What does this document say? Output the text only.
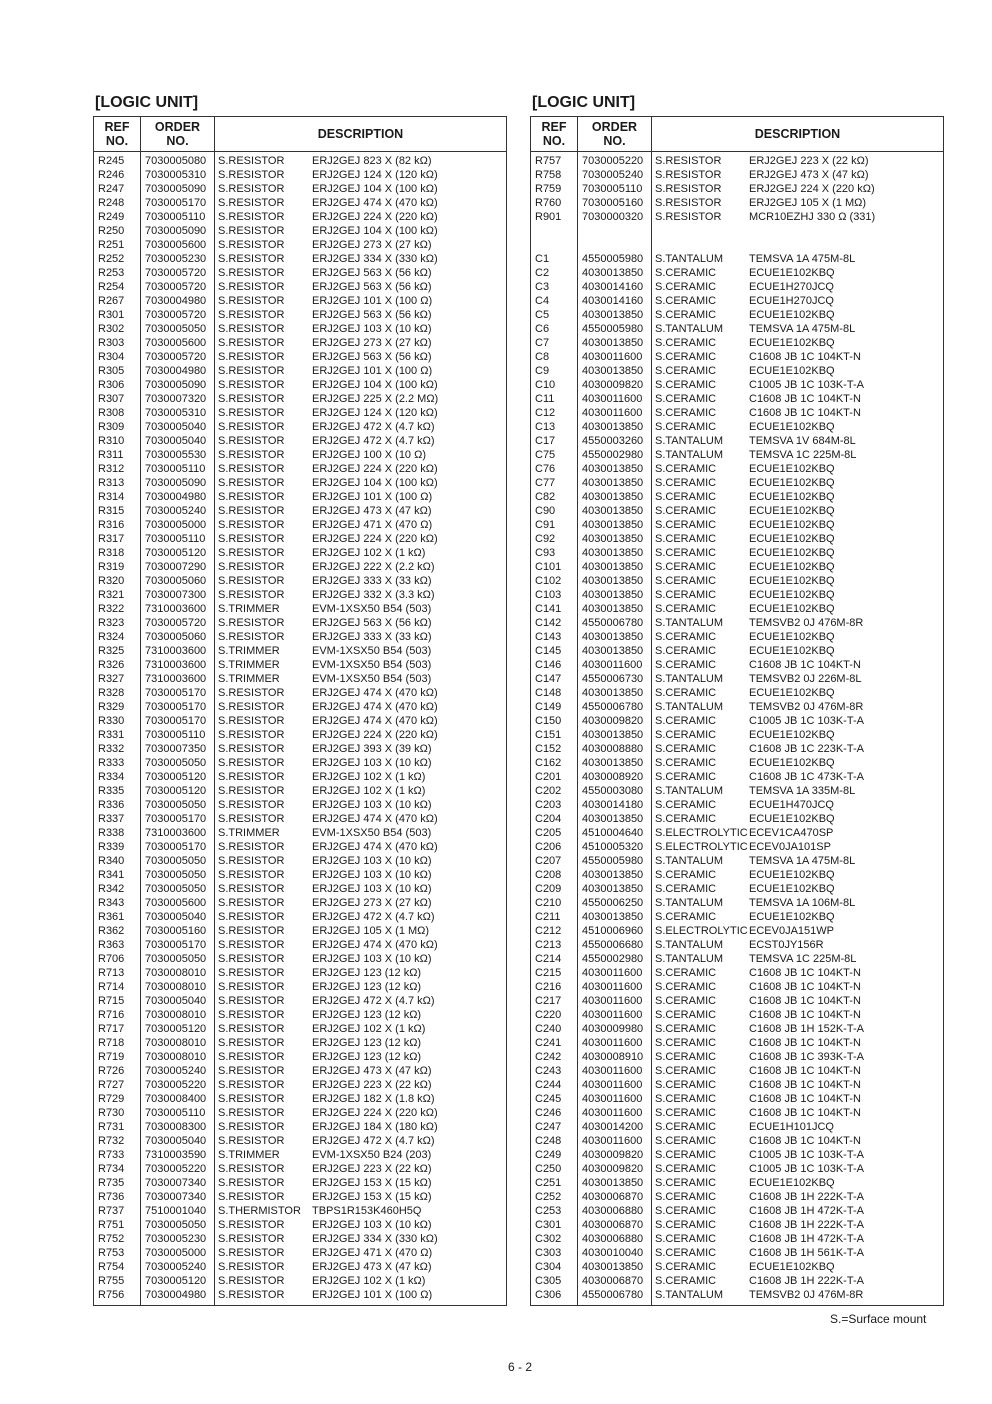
[LOGIC UNIT]
REF
NO.
ORDER
NO.	DESCRIPTION
R245 7030005080 S.RESISTOR	ERJ2GEJ 823 X (82 kΩ)
R246 7030005310 S.RESISTOR	ERJ2GEJ 124 X (120 kΩ)
R247 7030005090 S.RESISTOR	ERJ2GEJ 104 X (100 kΩ)
R248 7030005170 S.RESISTOR	ERJ2GEJ 474 X (470 kΩ)
R249 7030005110 S.RESISTOR	ERJ2GEJ 224 X (220 kΩ)
R250 7030005090 S.RESISTOR	ERJ2GEJ 104 X (100 kΩ)
R251 7030005600 S.RESISTOR	ERJ2GEJ 273 X (27 kΩ)
R252 7030005230 S.RESISTOR	ERJ2GEJ 334 X (330 kΩ)
R253 7030005720 S.RESISTOR	ERJ2GEJ 563 X (56 kΩ)
R254 7030005720 S.RESISTOR	ERJ2GEJ 563 X (56 kΩ)
R267 7030004980 S.RESISTOR	ERJ2GEJ 101 X (100 Ω)
R301 7030005720 S.RESISTOR	ERJ2GEJ 563 X (56 kΩ)
R302 7030005050 S.RESISTOR	ERJ2GEJ 103 X (10 kΩ)
R303 7030005600 S.RESISTOR	ERJ2GEJ 273 X (27 kΩ)
R304 7030005720 S.RESISTOR	ERJ2GEJ 563 X (56 kΩ)
R305 7030004980 S.RESISTOR	ERJ2GEJ 101 X (100 Ω)
R306 7030005090 S.RESISTOR	ERJ2GEJ 104 X (100 kΩ)
R307 7030007320 S.RESISTOR	ERJ2GEJ 225 X (2.2 MΩ)
R308 7030005310 S.RESISTOR	ERJ2GEJ 124 X (120 kΩ)
R309 7030005040 S.RESISTOR	ERJ2GEJ 472 X (4.7 kΩ)
R310 7030005040 S.RESISTOR	ERJ2GEJ 472 X (4.7 kΩ)
R311 7030005530 S.RESISTOR	ERJ2GEJ 100 X (10 Ω)
R312 7030005110 S.RESISTOR	ERJ2GEJ 224 X (220 kΩ)
R313 7030005090 S.RESISTOR	ERJ2GEJ 104 X (100 kΩ)
R314 7030004980 S.RESISTOR	ERJ2GEJ 101 X (100 Ω)
R315 7030005240 S.RESISTOR	ERJ2GEJ 473 X (47 kΩ)
R316 7030005000 S.RESISTOR	ERJ2GEJ 471 X (470 Ω)
R317 7030005110 S.RESISTOR	ERJ2GEJ 224 X (220 kΩ)
R318 7030005120 S.RESISTOR	ERJ2GEJ 102 X (1 kΩ)
R319 7030007290 S.RESISTOR	ERJ2GEJ 222 X (2.2 kΩ)
R320 7030005060 S.RESISTOR	ERJ2GEJ 333 X (33 kΩ)
R321 7030007300 S.RESISTOR	ERJ2GEJ 332 X (3.3 kΩ)
R322 7310003600 S.TRIMMER	EVM-1XSX50 B54 (503)
R323 7030005720 S.RESISTOR	ERJ2GEJ 563 X (56 kΩ)
R324 7030005060 S.RESISTOR	ERJ2GEJ 333 X (33 kΩ)
R325 7310003600 S.TRIMMER	EVM-1XSX50 B54 (503)
R326 7310003600 S.TRIMMER	EVM-1XSX50 B54 (503)
R327 7310003600 S.TRIMMER	EVM-1XSX50 B54 (503)
R328 7030005170 S.RESISTOR	ERJ2GEJ 474 X (470 kΩ)
R329 7030005170 S.RESISTOR	ERJ2GEJ 474 X (470 kΩ)
R330 7030005170 S.RESISTOR	ERJ2GEJ 474 X (470 kΩ)
R331 7030005110 S.RESISTOR	ERJ2GEJ 224 X (220 kΩ)
R332 7030007350 S.RESISTOR	ERJ2GEJ 393 X (39 kΩ)
R333 7030005050 S.RESISTOR	ERJ2GEJ 103 X (10 kΩ)
R334 7030005120 S.RESISTOR	ERJ2GEJ 102 X (1 kΩ)
R335 7030005120 S.RESISTOR	ERJ2GEJ 102 X (1 kΩ)
R336 7030005050 S.RESISTOR	ERJ2GEJ 103 X (10 kΩ)
R337 7030005170 S.RESISTOR	ERJ2GEJ 474 X (470 kΩ)
R338 7310003600 S.TRIMMER	EVM-1XSX50 B54 (503)
R339 7030005170 S.RESISTOR	ERJ2GEJ 474 X (470 kΩ)
R340 7030005050 S.RESISTOR	ERJ2GEJ 103 X (10 kΩ)
R341 7030005050 S.RESISTOR	ERJ2GEJ 103 X (10 kΩ)
R342 7030005050 S.RESISTOR	ERJ2GEJ 103 X (10 kΩ)
R343 7030005600 S.RESISTOR	ERJ2GEJ 273 X (27 kΩ)
R361 7030005040 S.RESISTOR	ERJ2GEJ 472 X (4.7 kΩ)
R362 7030005160 S.RESISTOR	ERJ2GEJ 105 X (1 MΩ)
R363 7030005170 S.RESISTOR	ERJ2GEJ 474 X (470 kΩ)
R706 7030005050 S.RESISTOR	ERJ2GEJ 103 X (10 kΩ)
R713 7030008010 S.RESISTOR	ERJ2GEJ 123 (12 kΩ)
R714 7030008010 S.RESISTOR	ERJ2GEJ 123 (12 kΩ)
R715 7030005040 S.RESISTOR	ERJ2GEJ 472 X (4.7 kΩ)
R716 7030008010 S.RESISTOR	ERJ2GEJ 123 (12 kΩ)
R717 7030005120 S.RESISTOR	ERJ2GEJ 102 X (1 kΩ)
R718 7030008010 S.RESISTOR	ERJ2GEJ 123 (12 kΩ)
R719 7030008010 S.RESISTOR	ERJ2GEJ 123 (12 kΩ)
R726 7030005240 S.RESISTOR	ERJ2GEJ 473 X (47 kΩ)
R727 7030005220 S.RESISTOR	ERJ2GEJ 223 X (22 kΩ)
R729 7030008400 S.RESISTOR	ERJ2GEJ 182 X (1.8 kΩ)
R730 7030005110 S.RESISTOR	ERJ2GEJ 224 X (220 kΩ)
R731 7030008300 S.RESISTOR	ERJ2GEJ 184 X (180 kΩ)
R732 7030005040 S.RESISTOR	ERJ2GEJ 472 X (4.7 kΩ)
R733 7310003590 S.TRIMMER	EVM-1XSX50 B24 (203)
R734 7030005220 S.RESISTOR	ERJ2GEJ 223 X (22 kΩ)
R735 7030007340 S.RESISTOR	ERJ2GEJ 153 X (15 kΩ)
R736 7030007340 S.RESISTOR	ERJ2GEJ 153 X (15 kΩ)
R737 7510001040 S.THERMISTOR TBPS1R153K460H5Q
R751 7030005050 S.RESISTOR	ERJ2GEJ 103 X (10 kΩ)
R752 7030005230 S.RESISTOR	ERJ2GEJ 334 X (330 kΩ)
R753 7030005000 S.RESISTOR	ERJ2GEJ 471 X (470 Ω)
R754 7030005240 S.RESISTOR	ERJ2GEJ 473 X (47 kΩ)
R755 7030005120 S.RESISTOR	ERJ2GEJ 102 X (1 kΩ)
R756 7030004980 S.RESISTOR	ERJ2GEJ 101 X (100 Ω)
[LOGIC UNIT]
REF
NO.
ORDER
NO.	DESCRIPTION
R757 7030005220 S.RESISTOR	ERJ2GEJ 223 X (22 kΩ)
R758 7030005240 S.RESISTOR	ERJ2GEJ 473 X (47 kΩ)
R759 7030005110 S.RESISTOR	ERJ2GEJ 224 X (220 kΩ)
R760 7030005160 S.RESISTOR	ERJ2GEJ 105 X (1 MΩ)
R901 7030000320 S.RESISTOR	MCR10EZHJ 330 Ω (331)
C1	4550005980 S.TANTALUM TEMSVA 1A 475M-8L
C2	4030013850 S.CERAMIC	ECUE1E102KBQ
C3	4030014160 S.CERAMIC	ECUE1H270JCQ
C4	4030014160 S.CERAMIC	ECUE1H270JCQ
C5	4030013850 S.CERAMIC	ECUE1E102KBQ
C6	4550005980 S.TANTALUM TEMSVA 1A 475M-8L
C7	4030013850 S.CERAMIC	ECUE1E102KBQ
C8	4030011600 S.CERAMIC	C1608 JB 1C 104KT-N
C9	4030013850 S.CERAMIC	ECUE1E102KBQ
C10 4030009820 S.CERAMIC	C1005 JB 1C 103K-T-A
C11	4030011600 S.CERAMIC	C1608 JB 1C 104KT-N
C12 4030011600 S.CERAMIC	C1608 JB 1C 104KT-N
C13 4030013850 S.CERAMIC	ECUE1E102KBQ
C17 4550003260 S.TANTALUM TEMSVA 1V 684M-8L
C75 4550002980 S.TANTALUM TEMSVA 1C 225M-8L
C76 4030013850 S.CERAMIC	ECUE1E102KBQ
C77 4030013850 S.CERAMIC	ECUE1E102KBQ
C82 4030013850 S.CERAMIC	ECUE1E102KBQ
C90 4030013850 S.CERAMIC	ECUE1E102KBQ
C91 4030013850 S.CERAMIC	ECUE1E102KBQ
C92 4030013850 S.CERAMIC	ECUE1E102KBQ
C93 4030013850 S.CERAMIC	ECUE1E102KBQ
C101 4030013850 S.CERAMIC	ECUE1E102KBQ
C102 4030013850 S.CERAMIC	ECUE1E102KBQ
C103 4030013850 S.CERAMIC	ECUE1E102KBQ
C141 4030013850 S.CERAMIC	ECUE1E102KBQ
C142 4550006780 S.TANTALUM TEMSVB2 0J 476M-8R
C143 4030013850 S.CERAMIC	ECUE1E102KBQ
C145 4030013850 S.CERAMIC	ECUE1E102KBQ
C146 4030011600 S.CERAMIC	C1608 JB 1C 104KT-N
C147 4550006730 S.TANTALUM TEMSVB2 0J 226M-8L
C148 4030013850 S.CERAMIC	ECUE1E102KBQ
C149 4550006780 S.TANTALUM TEMSVB2 0J 476M-8R
C150 4030009820 S.CERAMIC	C1005 JB 1C 103K-T-A
C151 4030013850 S.CERAMIC	ECUE1E102KBQ
C152 4030008880 S.CERAMIC	C1608 JB 1C 223K-T-A
C162 4030013850 S.CERAMIC	ECUE1E102KBQ
C201 4030008920 S.CERAMIC	C1608 JB 1C 473K-T-A
C202 4550003080 S.TANTALUM TEMSVA 1A 335M-8L
C203 4030014180 S.CERAMIC	ECUE1H470JCQ
C204 4030013850 S.CERAMIC	ECUE1E102KBQ
C205 4510004640 S.ELECTROLYTIC ECEV1CA470SP
C206 4510005320 S.ELECTROLYTIC ECEV0JA101SP
C207 4550005980 S.TANTALUM TEMSVA 1A 475M-8L
C208 4030013850 S.CERAMIC	ECUE1E102KBQ
C209 4030013850 S.CERAMIC	ECUE1E102KBQ
C210 4550006250 S.TANTALUM TEMSVA 1A 106M-8L
C211 4030013850 S.CERAMIC	ECUE1E102KBQ
C212 4510006960 S.ELECTROLYTIC ECEV0JA151WP
C213 4550006680 S.TANTALUM ECST0JY156R
C214 4550002980 S.TANTALUM TEMSVA 1C 225M-8L
C215 4030011600 S.CERAMIC	C1608 JB 1C 104KT-N
C216 4030011600 S.CERAMIC	C1608 JB 1C 104KT-N
C217 4030011600 S.CERAMIC	C1608 JB 1C 104KT-N
C220 4030011600 S.CERAMIC	C1608 JB 1C 104KT-N
C240 4030009980 S.CERAMIC	C1608 JB 1H 152K-T-A
C241 4030011600 S.CERAMIC	C1608 JB 1C 104KT-N
C242 4030008910 S.CERAMIC	C1608 JB 1C 393K-T-A
C243 4030011600 S.CERAMIC	C1608 JB 1C 104KT-N
C244 4030011600 S.CERAMIC	C1608 JB 1C 104KT-N
C245 4030011600 S.CERAMIC	C1608 JB 1C 104KT-N
C246 4030011600 S.CERAMIC	C1608 JB 1C 104KT-N
C247 4030014200 S.CERAMIC	ECUE1H101JCQ
C248 4030011600 S.CERAMIC	C1608 JB 1C 104KT-N
C249 4030009820 S.CERAMIC	C1005 JB 1C 103K-T-A
C250 4030009820 S.CERAMIC	C1005 JB 1C 103K-T-A
C251 4030013850 S.CERAMIC	ECUE1E102KBQ
C252 4030006870 S.CERAMIC	C1608 JB 1H 222K-T-A
C253 4030006880 S.CERAMIC	C1608 JB 1H 472K-T-A
C301 4030006870 S.CERAMIC	C1608 JB 1H 222K-T-A
C302 4030006880 S.CERAMIC	C1608 JB 1H 472K-T-A
C303 4030010040 S.CERAMIC	C1608 JB 1H 561K-T-A
C304 4030013850 S.CERAMIC	ECUE1E102KBQ
C305 4030006870 S.CERAMIC	C1608 JB 1H 222K-T-A
C306 4550006780 S.TANTALUM TEMSVB2 0J 476M-8R
S.=Surface mount
6 - 2
